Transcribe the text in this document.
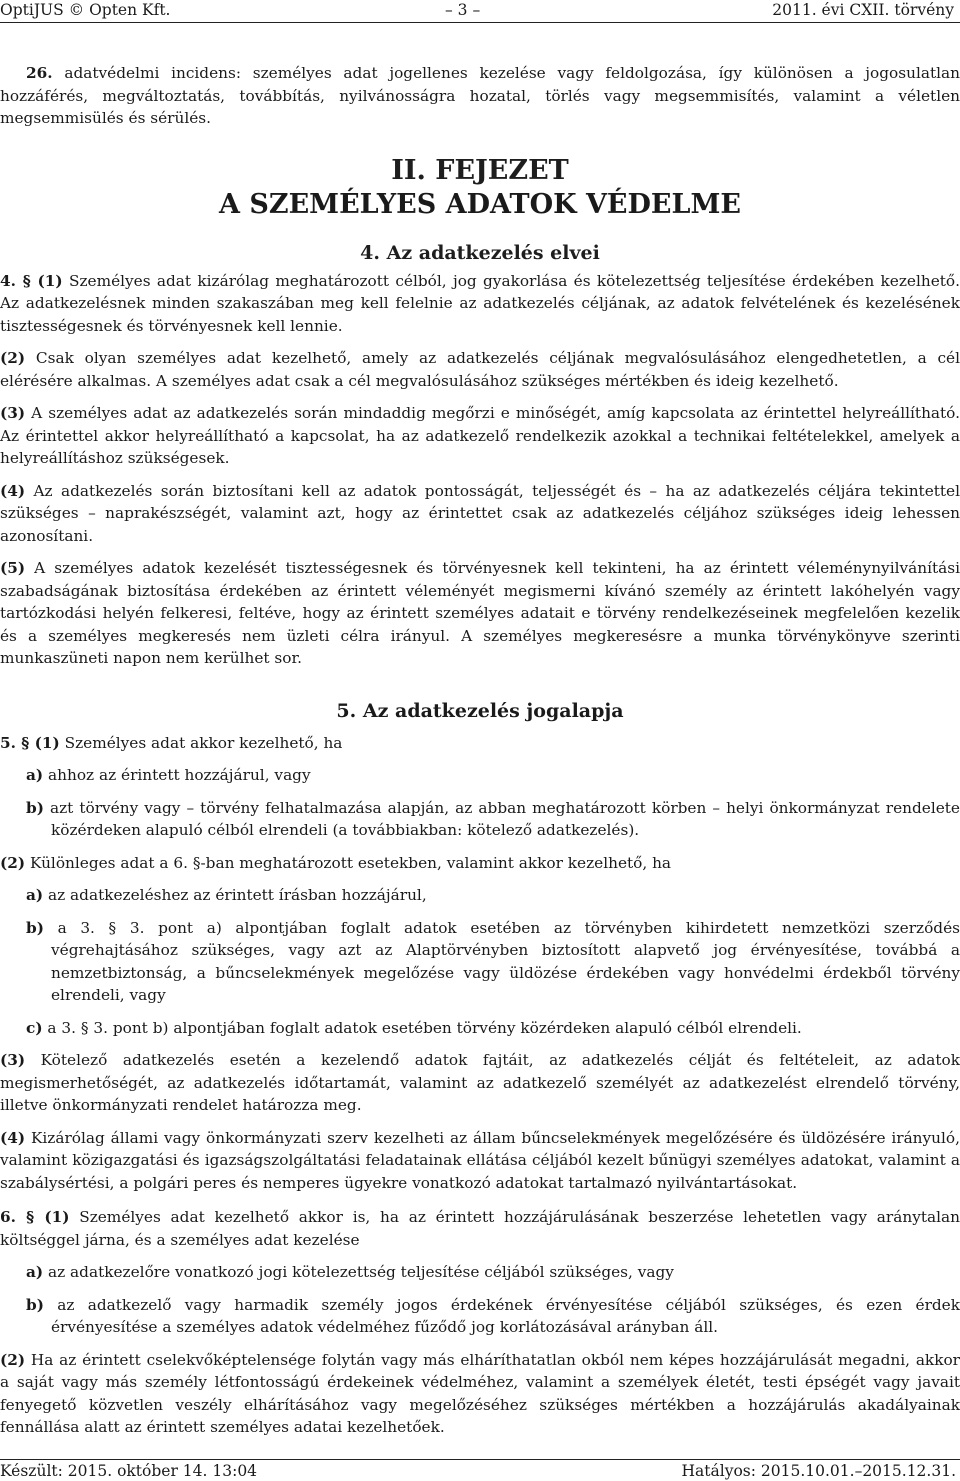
OptiJUS © Opten Kft.	– 3 –	2011. évi CXII. törvény

26. adatvédelmi incidens: személyes adat jogellenes kezelése vagy feldolgozása, így különösen a jogosulatlan hozzáférés, megváltoztatás, továbbítás, nyilvánosságra hozatal, törlés vagy megsemmisítés, valamint a véletlen megsemmisülés és sérülés.

II. FEJEZET
A SZEMÉLYES ADATOK VÉDELME
4. Az adatkezelés elvei

4. § (1) Személyes adat kizárólag meghatározott célból, jog gyakorlása és kötelezettség teljesítése érdekében kezelhető. Az adatkezelésnek minden szakaszában meg kell felelnie az adatkezelés céljának, az adatok felvételének és kezelésének tisztességesnek és törvényesnek kell lennie.

(2) Csak olyan személyes adat kezelhető, amely az adatkezelés céljának megvalósulásához elengedhetetlen, a cél elérésére alkalmas. A személyes adat csak a cél megvalósulásához szükséges mértékben és ideig kezelhető.

(3) A személyes adat az adatkezelés során mindaddig megőrzi e minőségét, amíg kapcsolata az érintettel helyreállítható. Az érintettel akkor helyreállítható a kapcsolat, ha az adatkezelő rendelkezik azokkal a technikai feltételekkel, amelyek a helyreállításhoz szükségesek.

(4) Az adatkezelés során biztosítani kell az adatok pontosságát, teljességét és – ha az adatkezelés céljára tekintettel szükséges – naprakészségét, valamint azt, hogy az érintettet csak az adatkezelés céljához szükséges ideig lehessen azonosítani.

(5) A személyes adatok kezelését tisztességesnek és törvényesnek kell tekinteni, ha az érintett véleménynyilvánítási szabadságának biztosítása érdekében az érintett véleményét megismerni kívánó személy az érintett lakóhelyén vagy tartózkodási helyén felkeresi, feltéve, hogy az érintett személyes adatait e törvény rendelkezéseinek megfelelően kezelik és a személyes megkeresés nem üzleti célra irányul. A személyes megkeresésre a munka törvénykönyve szerinti munkaszüneti napon nem kerülhet sor.

5. Az adatkezelés jogalapja

5. § (1) Személyes adat akkor kezelhető, ha

a) ahhoz az érintett hozzájárul, vagy

b) azt törvény vagy – törvény felhatalmazása alapján, az abban meghatározott körben – helyi önkormányzat rendelete közérdeken alapuló célból elrendeli (a továbbiakban: kötelező adatkezelés).

(2) Különleges adat a 6. §-ban meghatározott esetekben, valamint akkor kezelhető, ha

a) az adatkezeléshez az érintett írásban hozzájárul,

b) a 3. § 3. pont a) alpontjában foglalt adatok esetében az törvényben kihirdetett nemzetközi szerződés végrehajtásához szükséges, vagy azt az Alaptörvényben biztosított alapvető jog érvényesítése, továbbá a nemzetbiztonság, a bűncselekmények megelőzése vagy üldözése érdekében vagy honvédelmi érdekből törvény elrendeli, vagy

c) a 3. § 3. pont b) alpontjában foglalt adatok esetében törvény közérdeken alapuló célból elrendeli.

(3) Kötelező adatkezelés esetén a kezelendő adatok fajtáit, az adatkezelés célját és feltételeit, az adatok megismerhetőségét, az adatkezelés időtartamát, valamint az adatkezelő személyét az adatkezelést elrendelő törvény, illetve önkormányzati rendelet határozza meg.

(4) Kizárólag állami vagy önkormányzati szerv kezelheti az állam bűncselekmények megelőzésére és üldözésére irányuló, valamint közigazgatási és igazságszolgáltatási feladatainak ellátása céljából kezelt bűnügyi személyes adatokat, valamint a szabálysértési, a polgári peres és nemperes ügyekre vonatkozó adatokat tartalmazó nyilvántartásokat.

6. § (1) Személyes adat kezelhető akkor is, ha az érintett hozzájárulásának beszerzése lehetetlen vagy aránytalan költséggel járna, és a személyes adat kezelése

a) az adatkezelőre vonatkozó jogi kötelezettség teljesítése céljából szükséges, vagy

b) az adatkezelő vagy harmadik személy jogos érdekének érvényesítése céljából szükséges, és ezen érdek érvényesítése a személyes adatok védelméhez fűződő jog korlátozásával arányban áll.

(2) Ha az érintett cselekvőképtelensége folytán vagy más elháríthatatlan okból nem képes hozzájárulását megadni, akkor a saját vagy más személy létfontosságú érdekeinek védelméhez, valamint a személyek életét, testi épségét vagy javait fenyegető közvetlen veszély elhárításához vagy megelőzéséhez szükséges mértékben a hozzájárulás akadályainak fennállása alatt az érintett személyes adatai kezelhetőek.

Készült: 2015. október 14. 13:04	Hatályos: 2015.10.01.–2015.12.31.
